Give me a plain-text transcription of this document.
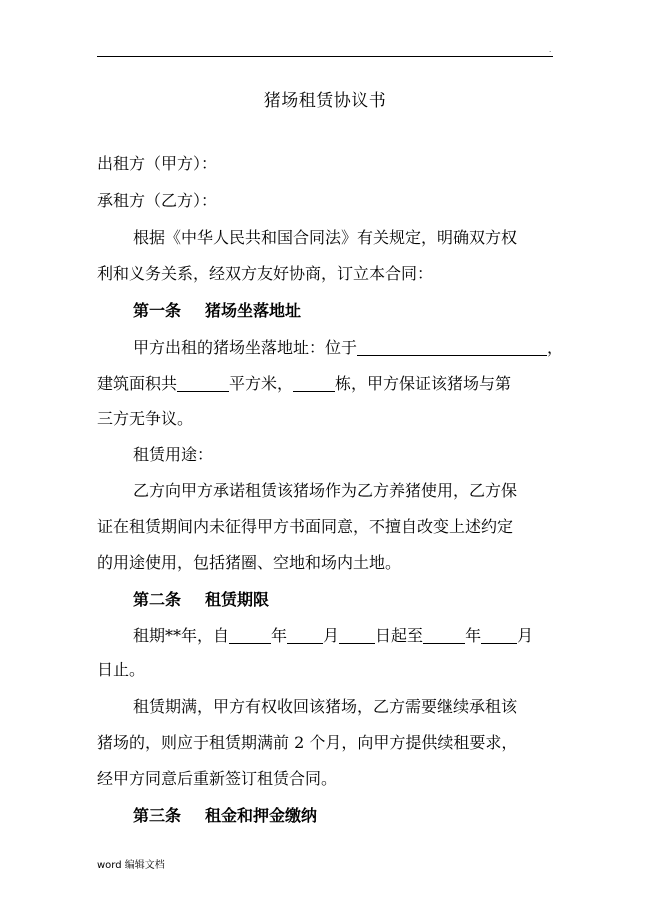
.
猪场租赁协议书
出租方（甲方）：
承租方（乙方）：
根据《中华人民共和国合同法》有关规定，明确双方权
利和义务关系，经双方友好协商，订立本合同：
第一条 猪场坐落地址
甲方出租的猪场坐落地址：位于	，
建筑面积共	平方米，	栋，甲方保证该猪场与第
三方无争议。
租赁用途：
乙方向甲方承诺租赁该猪场作为乙方养猪使用，乙方保
证在租赁期间内未征得甲方书面同意，不擅自改变上述约定
的用途使用，包括猪圈、空地和场内土地。
第二条 租赁期限
租期**年，自	年 月 日起至	年 月
日止。
租赁期满，甲方有权收回该猪场，乙方需要继续承租该
猪场的，则应于租赁期满前 2 个月，向甲方提供续租要求，
经甲方同意后重新签订租赁合同。
第三条 租金和押金缴纳
word 编辑文档
